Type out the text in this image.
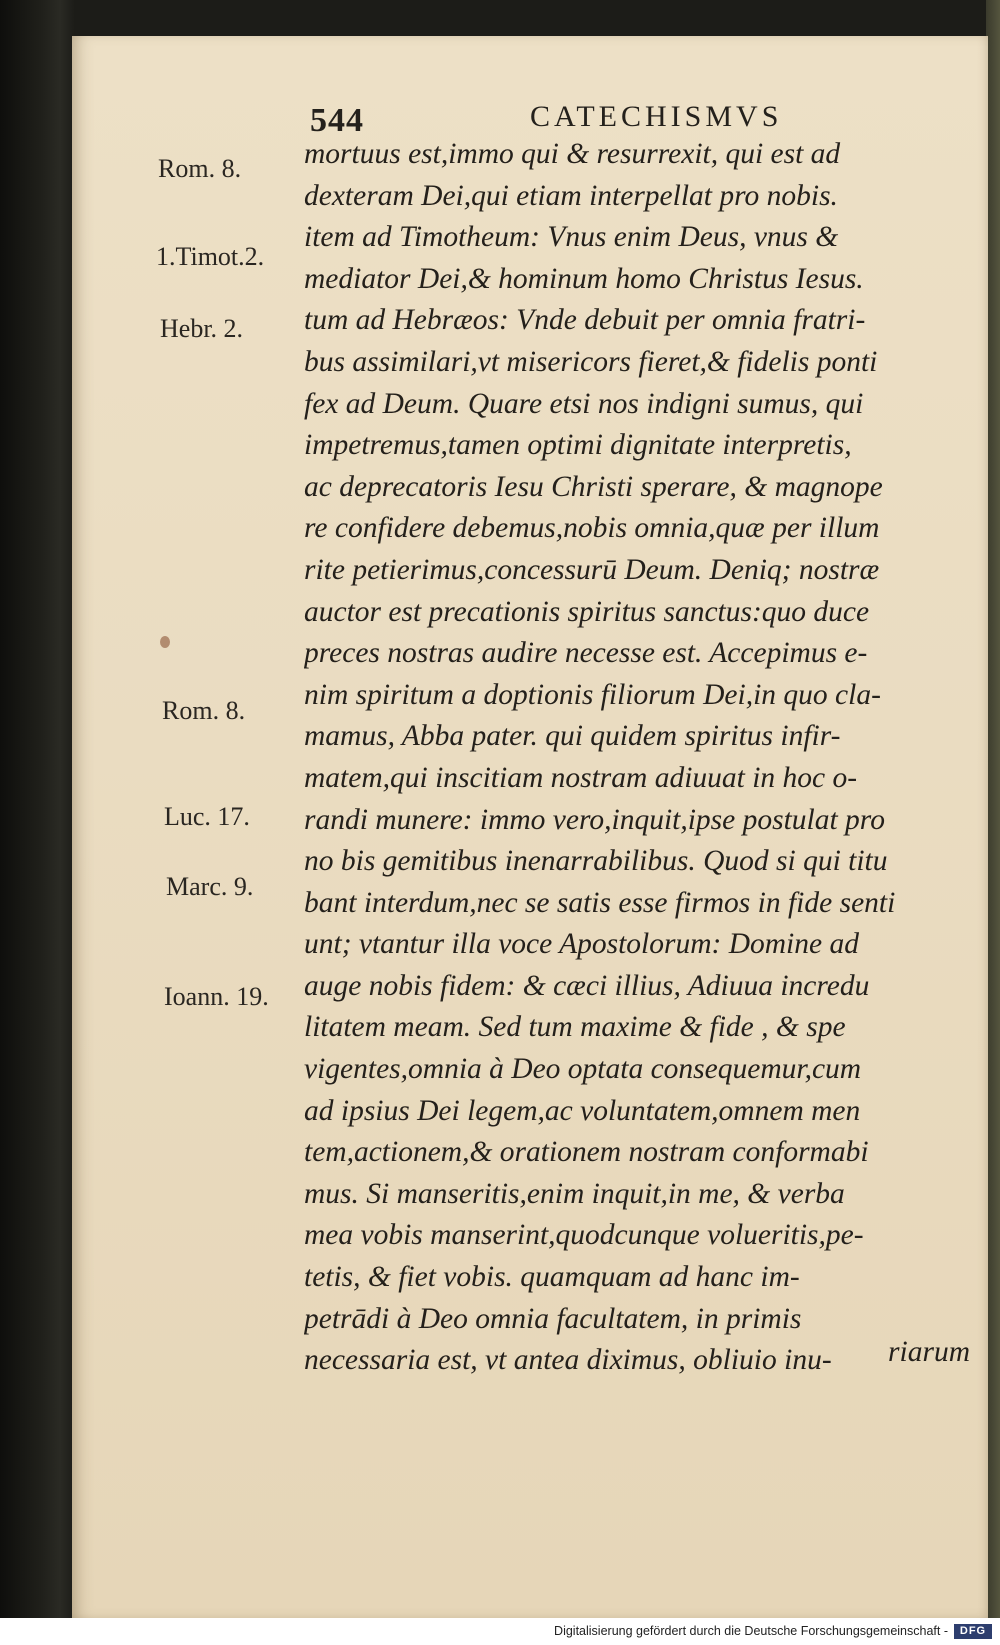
544	CATECHISMVS
Rom. 8.
1.Timot.2.
Hebr. 2.
Rom. 8.
Luc. 17.
Marc. 9.
Ioann. 19.
mortuus est,immo qui & resurrexit, qui est ad
dexteram Dei,qui etiam interpellat pro nobis.
item ad Timotheum: Vnus enim Deus, vnus &
mediator Dei,& hominum homo Christus Iesus.
tum ad Hebræos: Vnde debuit per omnia fratri-
bus assimilari,vt misericors fieret,& fidelis ponti
fex ad Deum. Quare etsi nos indigni sumus, qui
impetremus,tamen optimi dignitate interpretis,
ac deprecatoris Iesu Christi sperare, & magnope
re confidere debemus,nobis omnia,quæ per illum
rite petierimus,concessurū Deum. Deniq; nostræ
auctor est precationis spiritus sanctus:quo duce
preces nostras audire necesse est. Accepimus e-
nim spiritum a doptionis filiorum Dei,in quo cla-
mamus, Abba pater. qui quidem spiritus infir-
matem,qui inscitiam nostram adiuuat in hoc o-
randi munere: immo vero,inquit,ipse postulat pro
no bis gemitibus inenarrabilibus. Quod si qui titu
bant interdum,nec se satis esse firmos in fide senti
unt; vtantur illa voce Apostolorum: Domine ad
auge nobis fidem: & cæci illius, Adiuua incredu
litatem meam. Sed tum maxime & fide , & spe
vigentes,omnia à Deo optata consequemur,cum
ad ipsius Dei legem,ac voluntatem,omnem men
tem,actionem,& orationem nostram conformabi
mus. Si manseritis,enim inquit,in me, & verba
mea vobis manserint,quodcunque volueritis,pe-
tetis, & fiet vobis. quamquam ad hanc im-
petrādi à Deo omnia facultatem, in primis
necessaria est, vt antea diximus, obliuio inu-	riarum
Digitalisierung gefördert durch die Deutsche Forschungsgemeinschaft -	DFG
